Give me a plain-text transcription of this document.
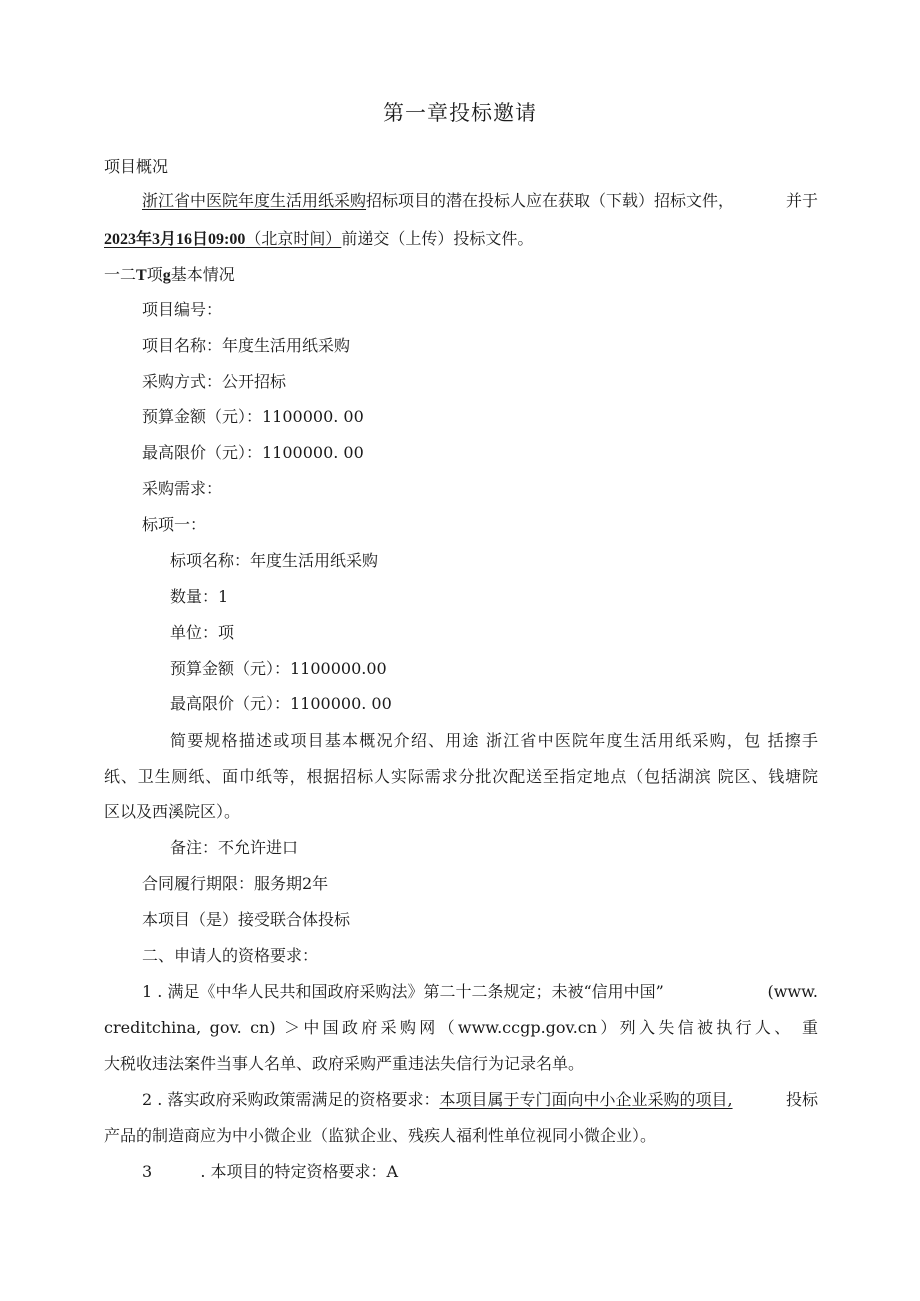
第一章投标邀请
项目概况
浙江省中医院年度生活用纸采购招标项目的潜在投标人应在获取（下载）招标文件，	并于
2023年3月16日09:00（北京时间）前递交（上传）投标文件。
一二T项g基本情况
项目编号：
项目名称：年度生活用纸采购
采购方式：公开招标
预算金额（元）：1100000. 00
最高限价（元）：1100000. 00
采购需求：
标项一：
标项名称：年度生活用纸采购
数量：1
单位：项
预算金额（元）：1100000.00
最高限价（元）：1100000. 00
简要规格描述或项目基本概况介绍、用途 浙江省中医院年度生活用纸采购，包 括擦手
纸、卫生厕纸、面巾纸等，根据招标人实际需求分批次配送至指定地点（包括湖滨 院区、钱塘院
区以及西溪院区）。
备注：不允许进口
合同履行期限：服务期2年
本项目（是）接受联合体投标
二、申请人的资格要求：
1 . 满足《中华人民共和国政府采购法》第二十二条规定；未被“信用中国”	(www.
creditchina, gov. cn) ＞中国政府采购网（www.ccgp.gov.cn）列入失信被执行人、 重
大税收违法案件当事人名单、政府采购严重违法失信行为记录名单。
2 . 落实政府采购政策需满足的资格要求：本项目属于专门面向中小企业采购的项目,	投标
产品的制造商应为中小微企业（监狱企业、残疾人福利性单位视同小微企业）。
3	. 本项目的特定资格要求：A
